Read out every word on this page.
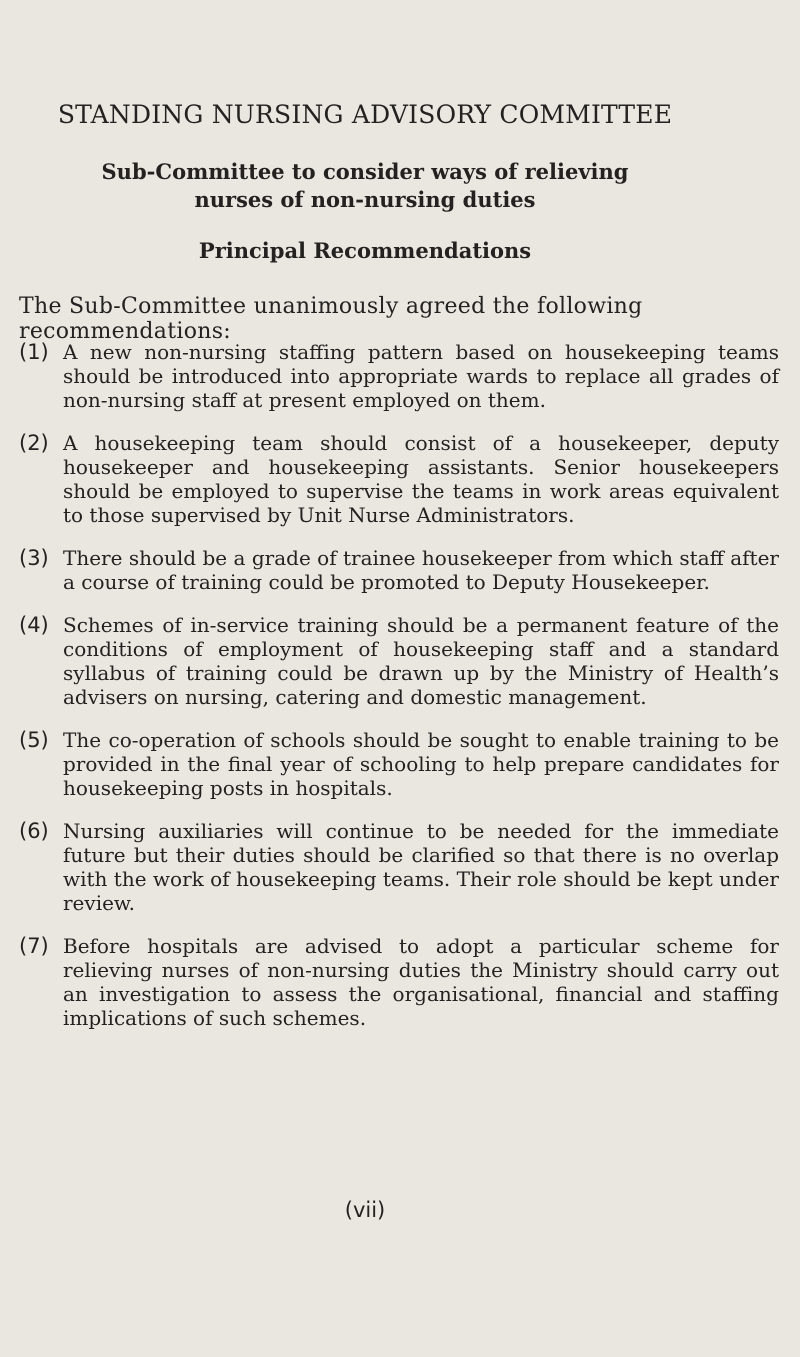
STANDING NURSING ADVISORY COMMITTEE
Sub-Committee to consider ways of relieving
nurses of non-nursing duties
Principal Recommendations

The Sub-Committee unanimously agreed the following recommendations:

(1) A new non-nursing staffing pattern based on housekeeping teams should be introduced into appropriate wards to replace all grades of non-nursing staff at present employed on them.

(2) A housekeeping team should consist of a housekeeper, deputy housekeeper and housekeeping assistants. Senior housekeepers should be employed to supervise the teams in work areas equivalent to those supervised by Unit Nurse Administrators.

(3) There should be a grade of trainee housekeeper from which staff after a course of training could be promoted to Deputy Housekeeper.

(4) Schemes of in-service training should be a permanent feature of the conditions of employment of housekeeping staff and a standard syllabus of training could be drawn up by the Ministry of Health’s advisers on nursing, catering and domestic management.

(5) The co-operation of schools should be sought to enable training to be provided in the final year of schooling to help prepare candidates for housekeeping posts in hospitals.

(6) Nursing auxiliaries will continue to be needed for the immediate future but their duties should be clarified so that there is no overlap with the work of housekeeping teams. Their role should be kept under review.

(7) Before hospitals are advised to adopt a particular scheme for relieving nurses of non-nursing duties the Ministry should carry out an investigation to assess the organisational, financial and staffing implications of such schemes.

(vii)
